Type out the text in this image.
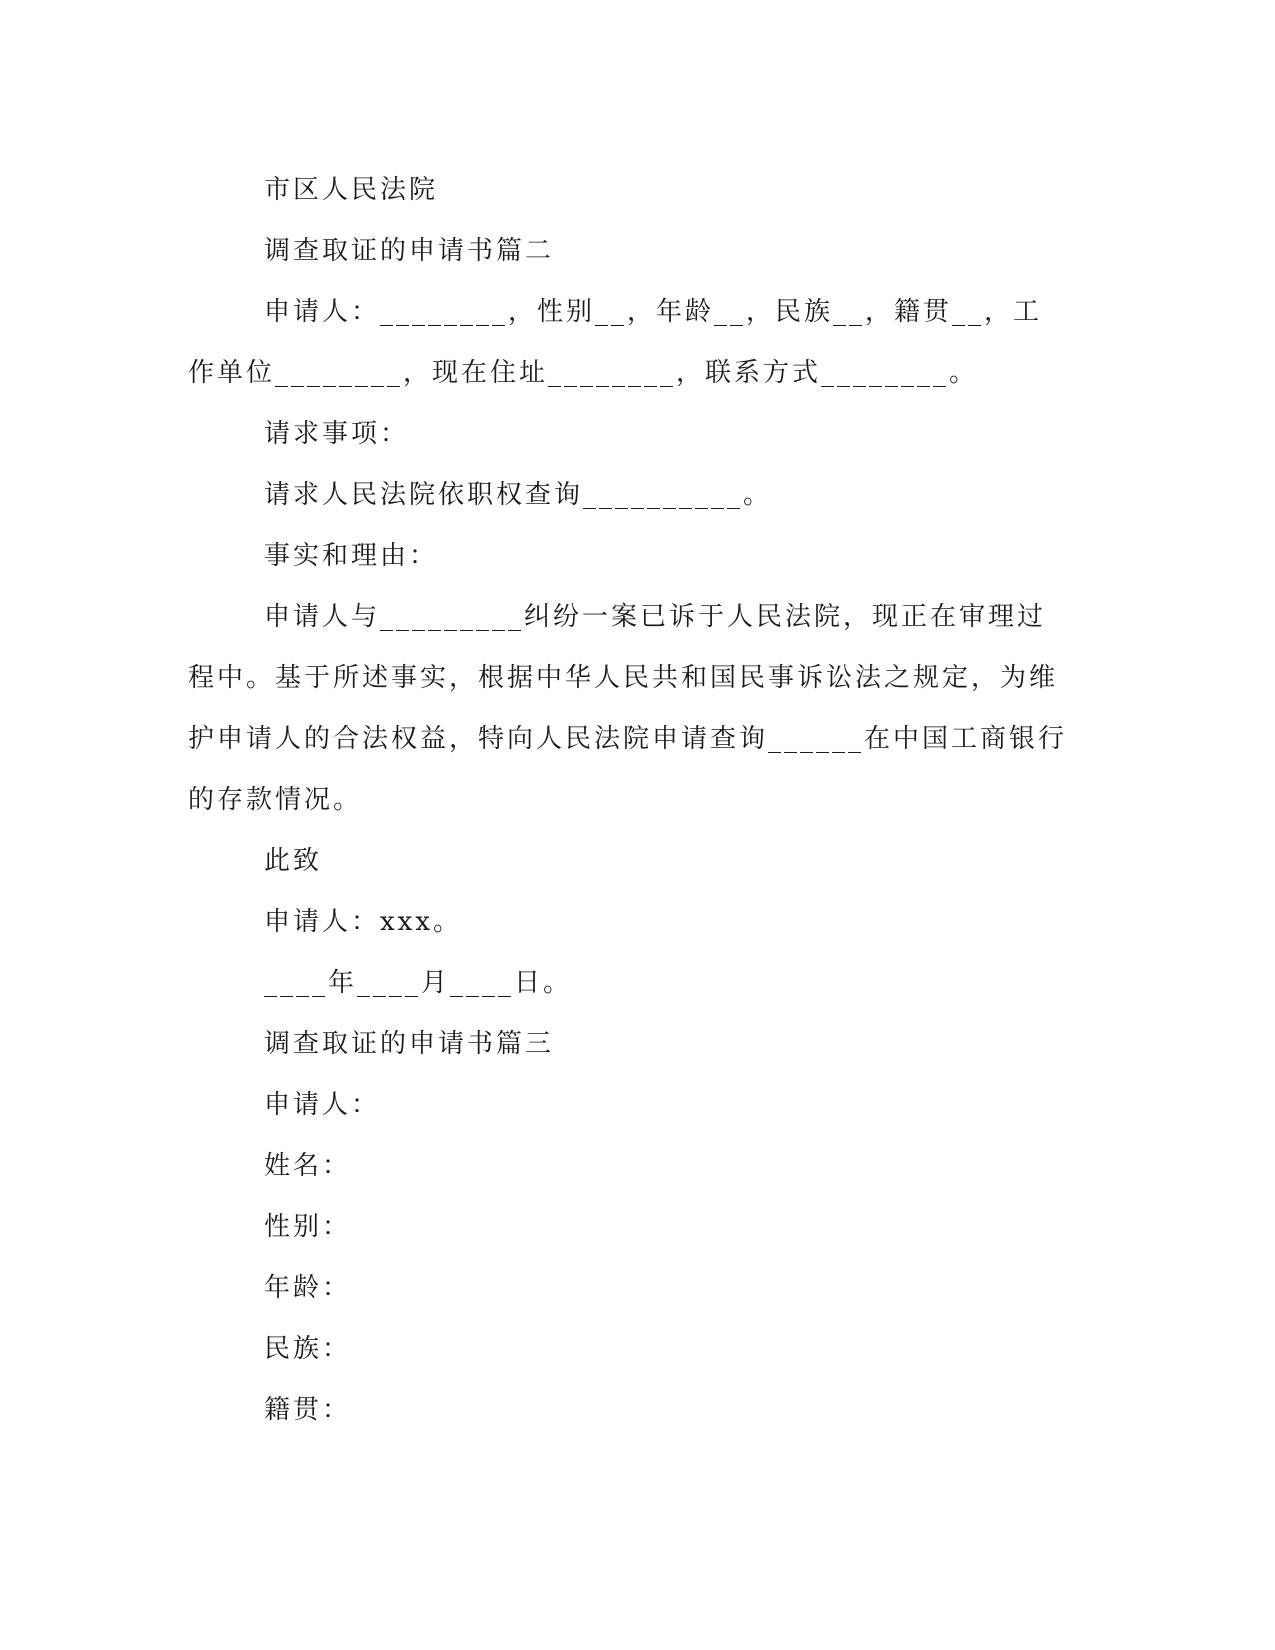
市区人民法院

调查取证的申请书篇二

申请人：________，性别__，年龄__，民族__，籍贯__，工作单位________，现在住址________，联系方式________。

请求事项：

请求人民法院依职权查询__________。

事实和理由：

申请人与_________纠纷一案已诉于人民法院，现正在审理过程中。基于所述事实，根据中华人民共和国民事诉讼法之规定，为维护申请人的合法权益，特向人民法院申请查询______在中国工商银行的存款情况。

此致

申请人：xxx。

____年____月____日。

调查取证的申请书篇三

申请人：

姓名：

性别：

年龄：

民族：

籍贯：
